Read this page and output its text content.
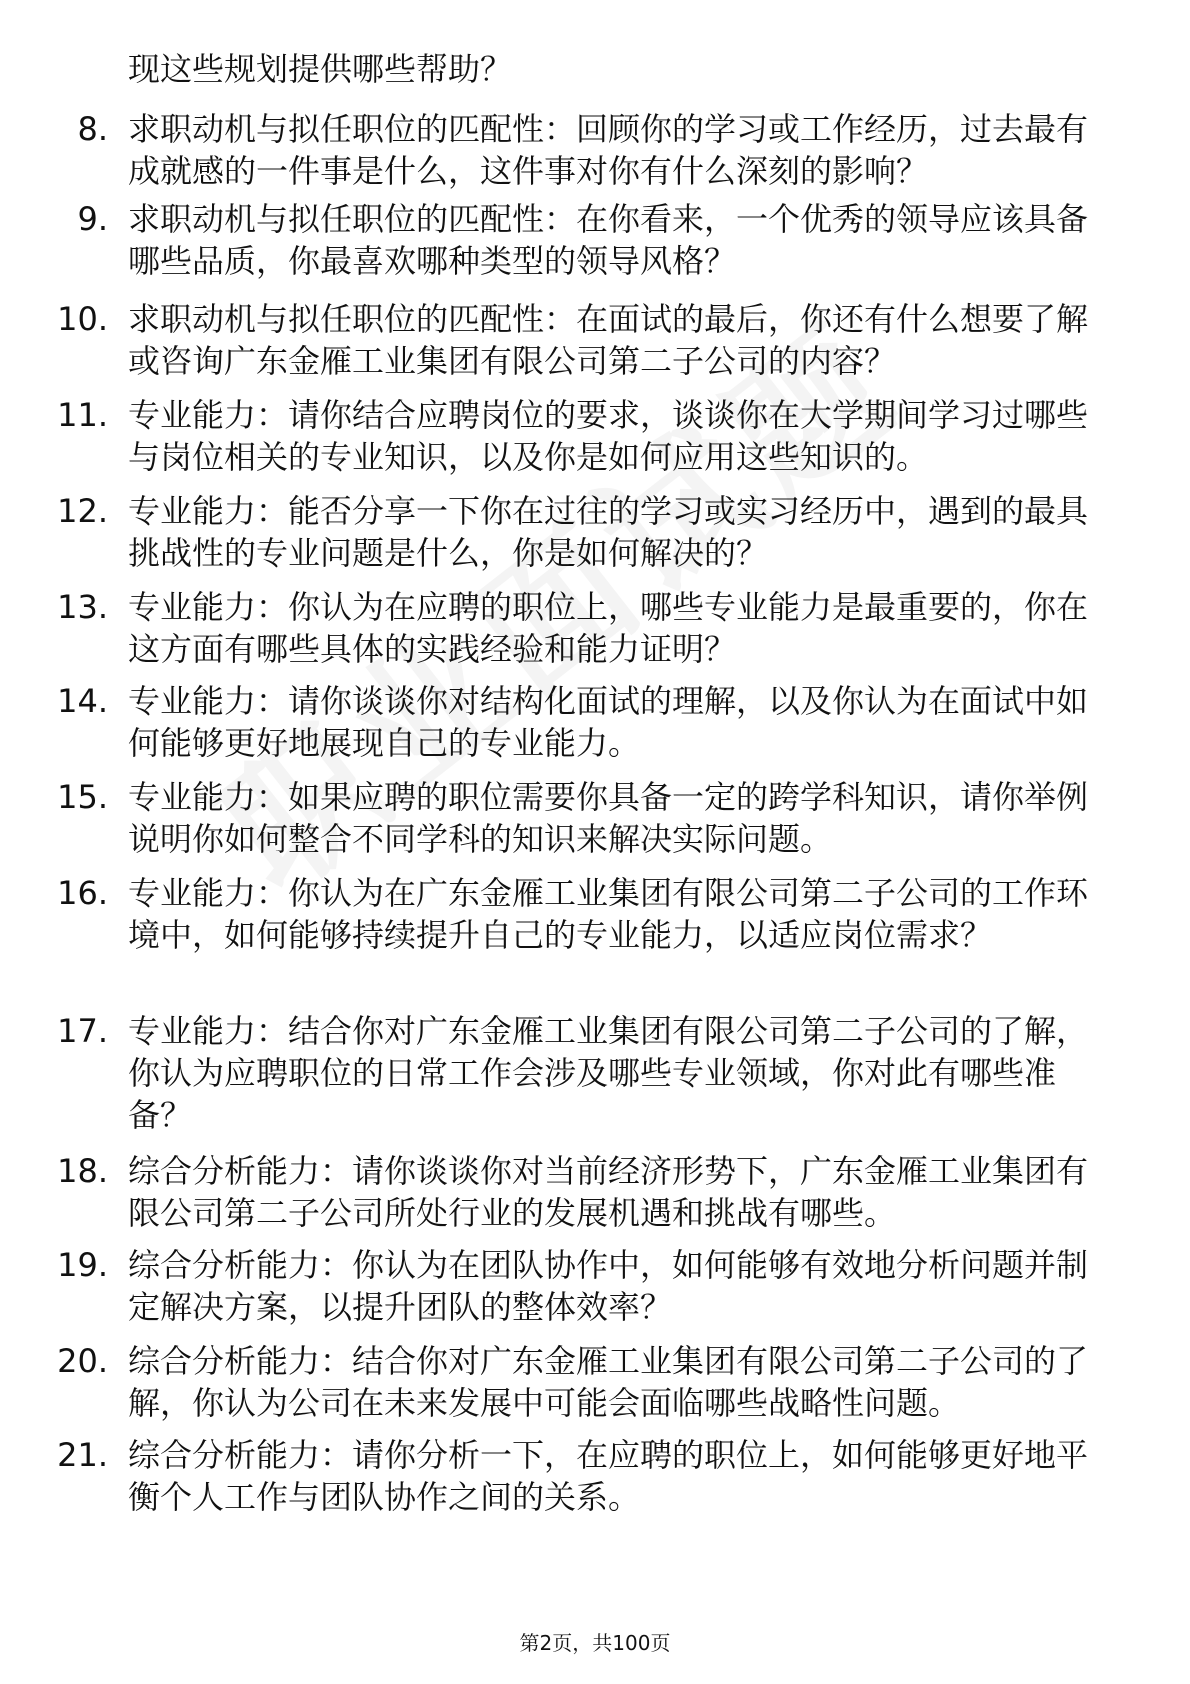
现这些规划提供哪些帮助？
8. 求职动机与拟任职位的匹配性：回顾你的学习或工作经历，过去最有成就感的一件事是什么，这件事对你有什么深刻的影响？
9. 求职动机与拟任职位的匹配性：在你看来，一个优秀的领导应该具备哪些品质，你最喜欢哪种类型的领导风格？
10. 求职动机与拟任职位的匹配性：在面试的最后，你还有什么想要了解或咨询广东金雁工业集团有限公司第二子公司的内容？
11. 专业能力：请你结合应聘岗位的要求，谈谈你在大学期间学习过哪些与岗位相关的专业知识，以及你是如何应用这些知识的。
12. 专业能力：能否分享一下你在过往的学习或实习经历中，遇到的最具挑战性的专业问题是什么，你是如何解决的？
13. 专业能力：你认为在应聘的职位上，哪些专业能力是最重要的，你在这方面有哪些具体的实践经验和能力证明？
14. 专业能力：请你谈谈你对结构化面试的理解，以及你认为在面试中如何能够更好地展现自己的专业能力。
15. 专业能力：如果应聘的职位需要你具备一定的跨学科知识，请你举例说明你如何整合不同学科的知识来解决实际问题。
16. 专业能力：你认为在广东金雁工业集团有限公司第二子公司的工作环境中，如何能够持续提升自己的专业能力，以适应岗位需求？
17. 专业能力：结合你对广东金雁工业集团有限公司第二子公司的了解，你认为应聘职位的日常工作会涉及哪些专业领域，你对此有哪些准备？
18. 综合分析能力：请你谈谈你对当前经济形势下，广东金雁工业集团有限公司第二子公司所处行业的发展机遇和挑战有哪些。
19. 综合分析能力：你认为在团队协作中，如何能够有效地分析问题并制定解决方案，以提升团队的整体效率？
20. 综合分析能力：结合你对广东金雁工业集团有限公司第二子公司的了解，你认为公司在未来发展中可能会面临哪些战略性问题。
21. 综合分析能力：请你分析一下，在应聘的职位上，如何能够更好地平衡个人工作与团队协作之间的关系。
第2页，共100页
